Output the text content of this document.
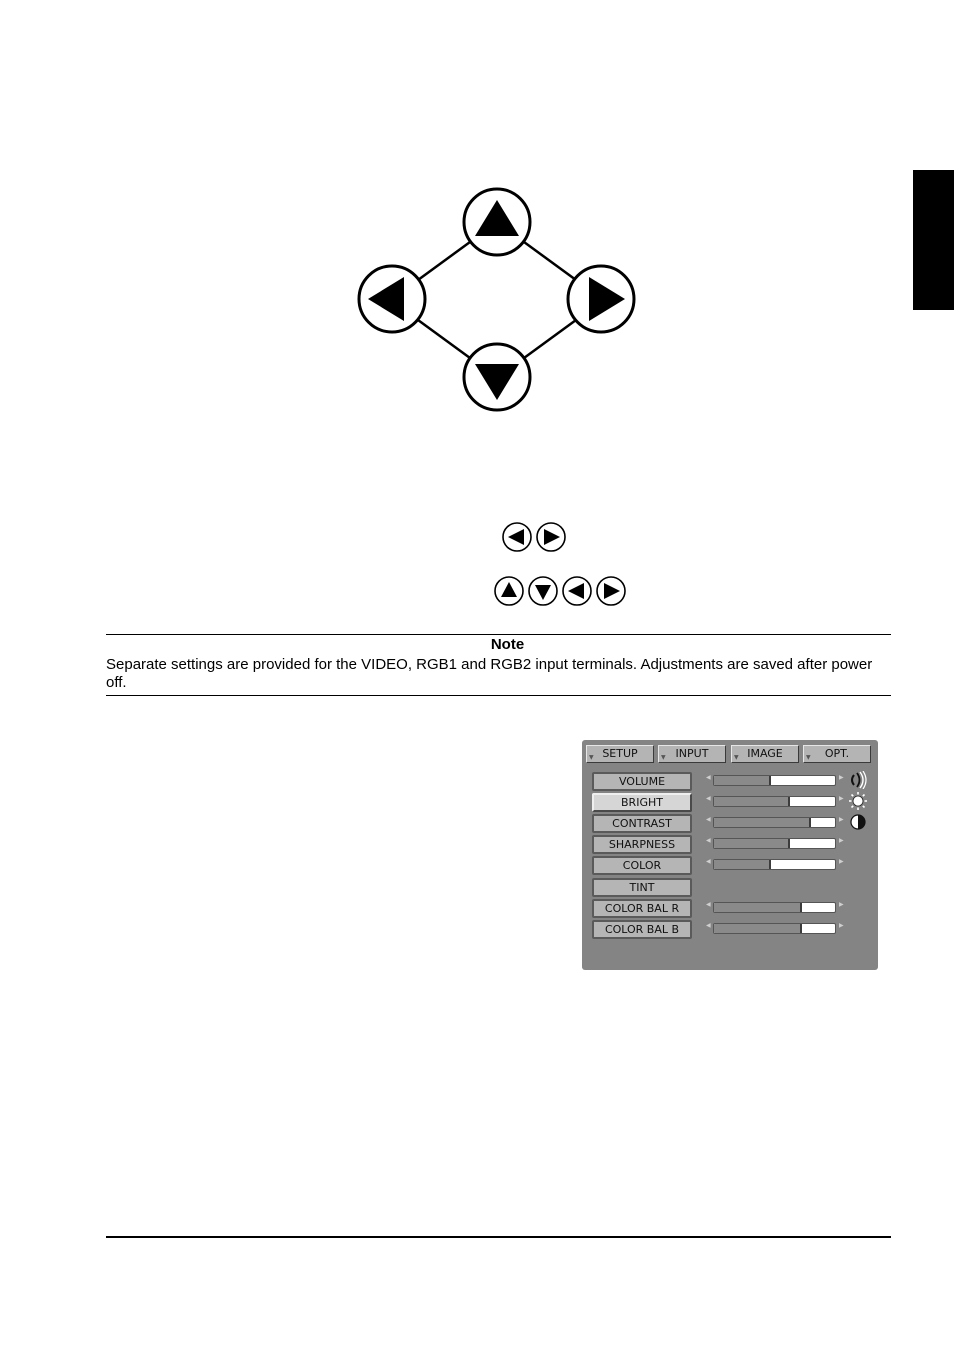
Note
Separate settings are provided for the VIDEO, RGB1 and RGB2 input terminals. Adjustments are saved after power off.
▼ SETUP	▼ INPUT	▼ IMAGE	▼ OPT.
VOLUME
BRIGHT
CONTRAST
SHARPNESS
COLOR
TINT
COLOR BAL R
COLOR BAL B
◀	▶
◀	▶
◀	▶
◀	▶
◀	▶
◀	▶
◀	▶
